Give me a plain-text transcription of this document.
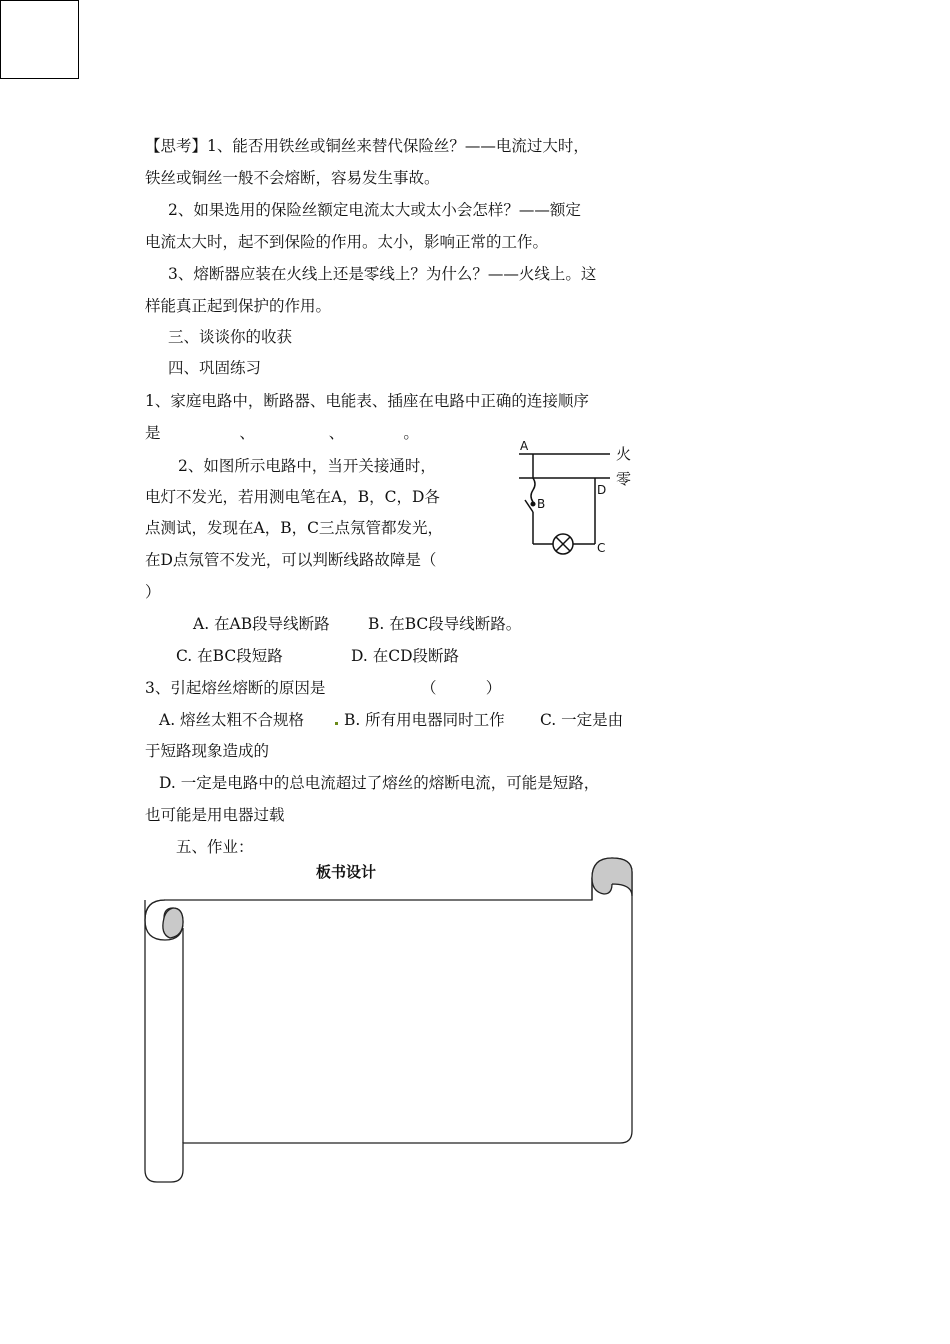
【思考】1、能否用铁丝或铜丝来替代保险丝？——电流过大时，
铁丝或铜丝一般不会熔断，容易发生事故。
2、如果选用的保险丝额定电流太大或太小会怎样？——额定
电流太大时，起不到保险的作用。太小，影响正常的工作。
3、熔断器应装在火线上还是零线上？为什么？——火线上。这
样能真正起到保护的作用。
三、谈谈你的收获
四、巩固练习
1、家庭电路中，断路器、电能表、插座在电路中正确的连接顺序
是                、               、            。
2、如图所示电路中，当开关接通时，
电灯不发光，若用测电笔在A，B，C，D各
点测试，发现在A，B，C三点氖管都发光，
在D点氖管不发光，可以判断线路故障是（
）
A
B
C
D
火
零
A. 在AB段导线断路 B. 在BC段导线断路。
C. 在BC段短路	D. 在CD段断路
3、引起熔丝熔断的原因是	（          ）
A. 熔丝太粗不合规格	B. 所有用电器同时工作 C. 一定是由
于短路现象造成的
D. 一定是电路中的总电流超过了熔丝的熔断电流，可能是短路，
也可能是用电器过载
五、作业：
板书设计
